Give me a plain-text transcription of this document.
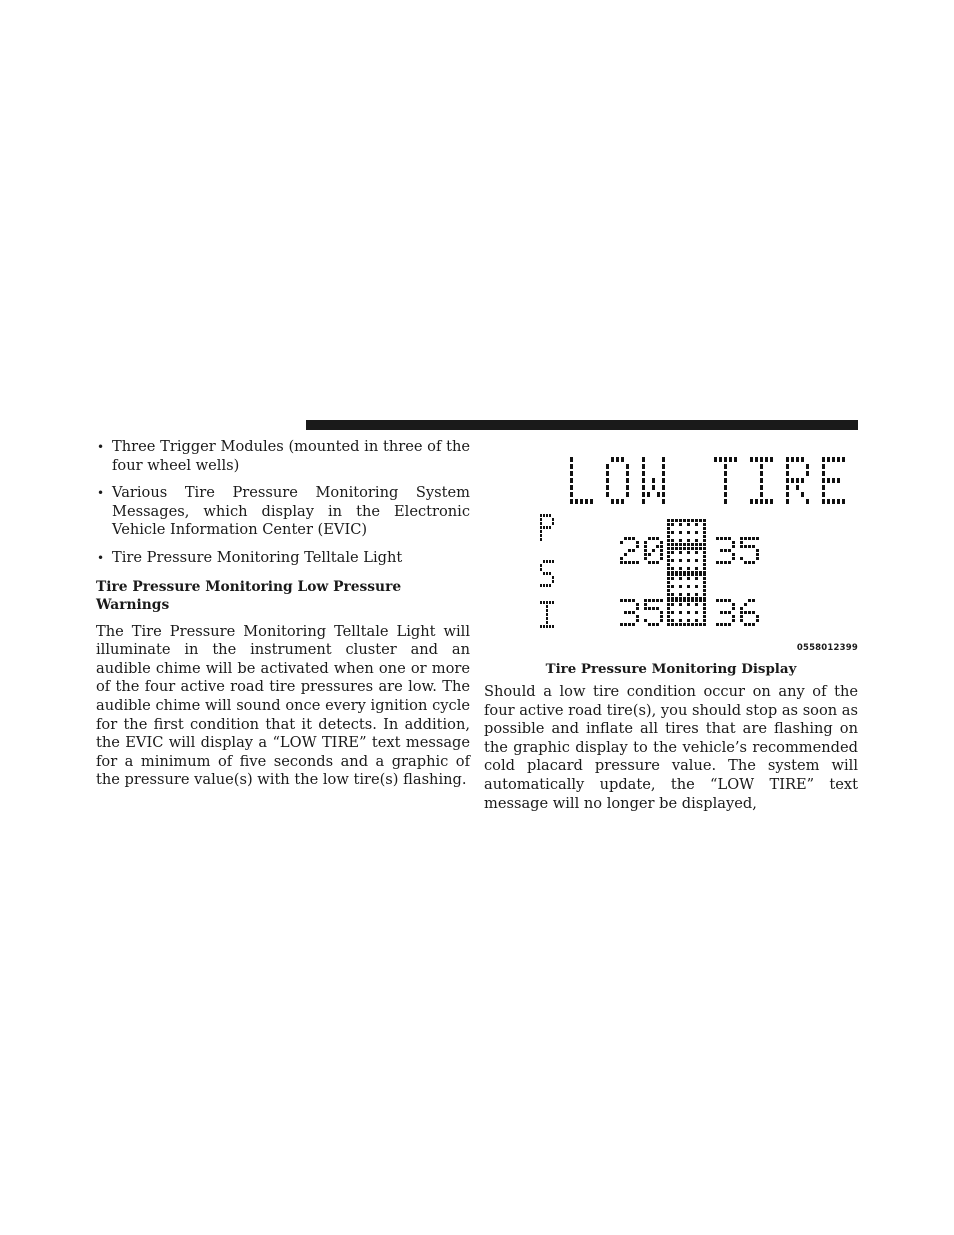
• Three Trigger Modules (mounted in three of the four wheel wells)
• Various Tire Pressure Monitoring System Messages, which display in the Electronic Vehicle Information Center (EVIC)
• Tire Pressure Monitoring Telltale Light
Tire Pressure Monitoring Low Pressure Warnings

The Tire Pressure Monitoring Telltale Light will illuminate in the instrument cluster and an audible chime will be activated when one or more of the four active road tire pressures are low. The audible chime will sound once every ignition cycle for the first condition that it detects. In addition, the EVIC will display a “LOW TIRE” text message for a minimum of five seconds and a graphic of the pressure value(s) with the low tire(s) flashing.

0558012399
Tire Pressure Monitoring Display

Should a low tire condition occur on any of the four active road tire(s), you should stop as soon as possible and inflate all tires that are flashing on the graphic display to the vehicle’s recommended cold placard pressure value. The system will automatically update, the “LOW TIRE” text message will no longer be displayed,
